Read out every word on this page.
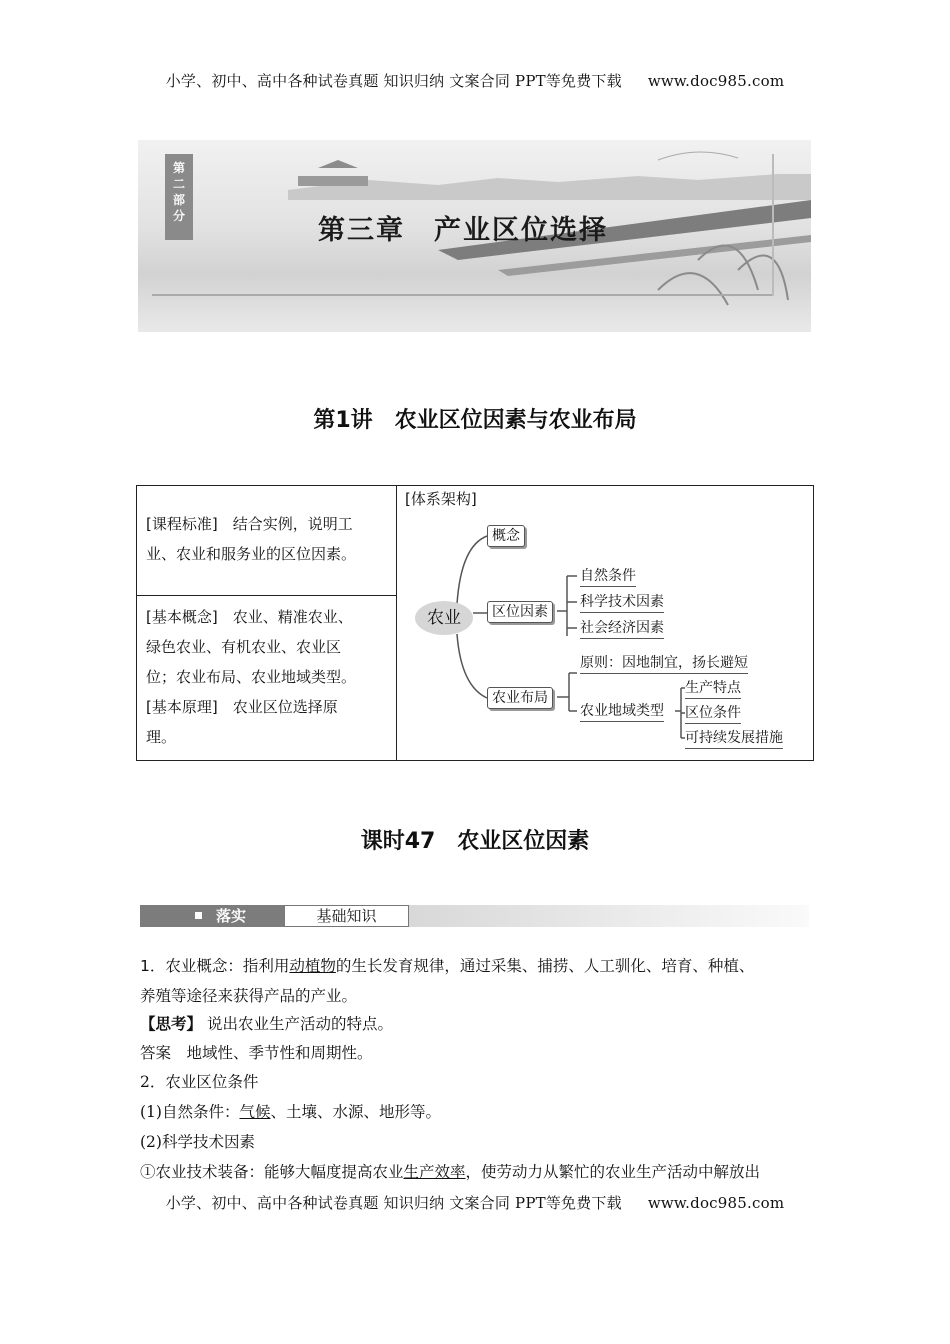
小学、初中、高中各种试卷真题 知识归纳 文案合同 PPT等免费下载 www.doc985.com
第
二
部
分	第三章　产业区位选择
第1讲　农业区位因素与农业布局
[课程标准]　 结合实例，说明工
业、农业和服务业的区位因素。
[基本概念]　 农业、精准农业、
绿色农业、有机农业、农业区
位；农业布局、农业地域类型。
[基本原理]　 农业区位选择原
理。
[体系架构]
农业
概念
区位因素
农业布局
自然条件
科学技术因素
社会经济因素
原则：因地制宜，扬长避短
农业地域类型
生产特点
区位条件
可持续发展措施
课时47　农业区位因素
落实	基础知识
1．农业概念：指利用动植物的生长发育规律，通过采集、捕捞、人工驯化、培育、种植、
养殖等途径来获得产品的产业。
【思考】 说出农业生产活动的特点。
答案　地域性、季节性和周期性。
2．农业区位条件
(1)自然条件：气候、土壤、水源、地形等。
(2)科学技术因素
①农业技术装备：能够大幅度提高农业生产效率，使劳动力从繁忙的农业生产活动中解放出
小学、初中、高中各种试卷真题 知识归纳 文案合同 PPT等免费下载 www.doc985.com
